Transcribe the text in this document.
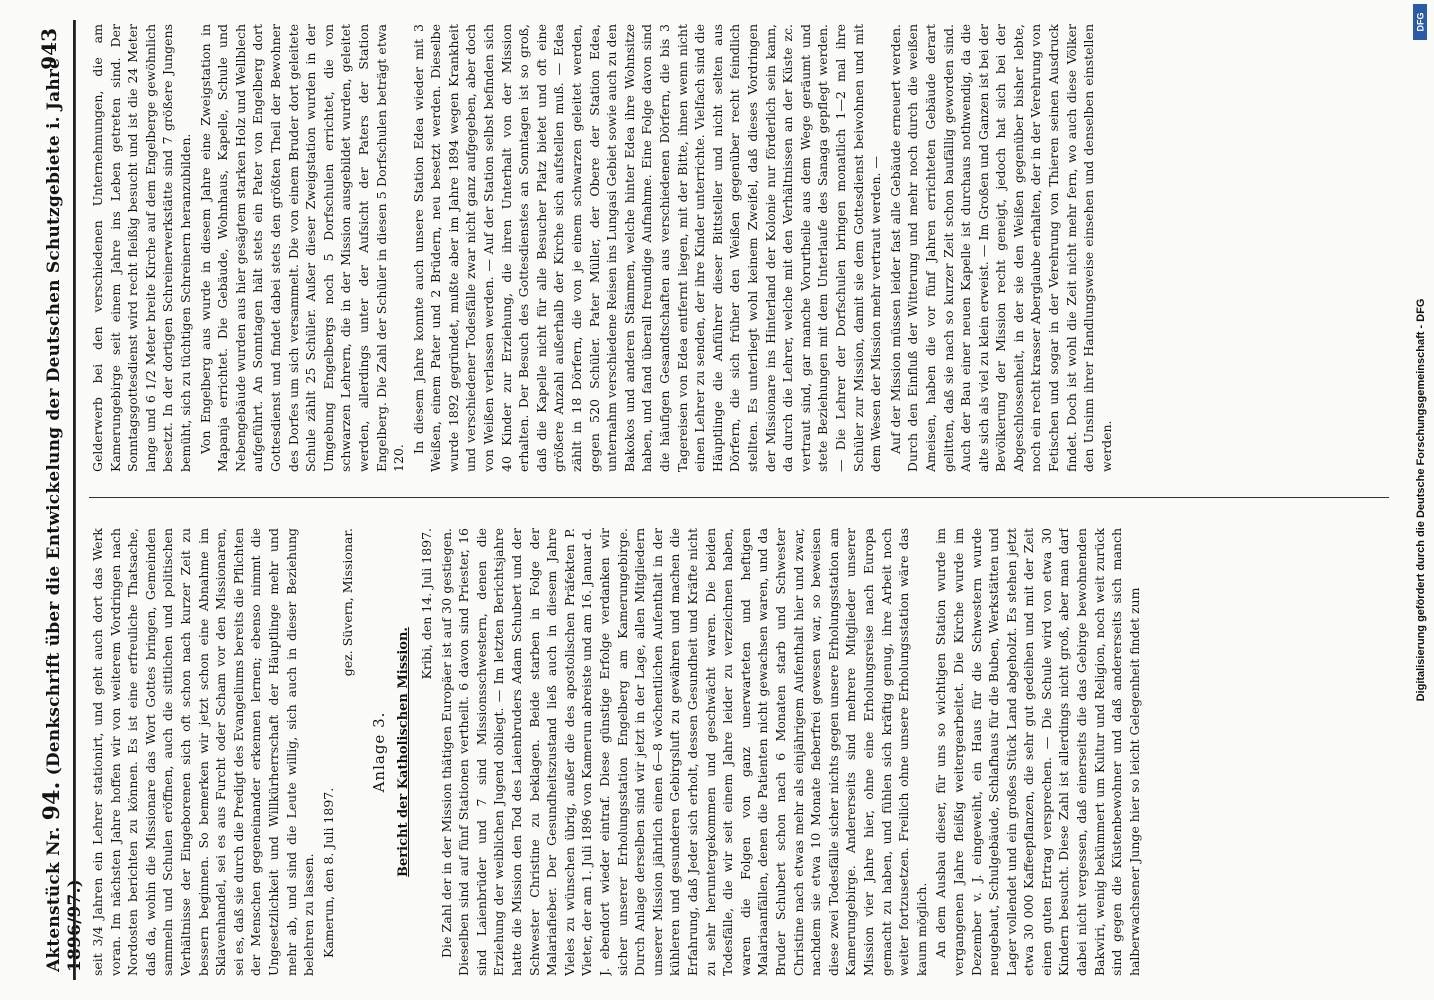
Aktenstück Nr. 94. (Denkschrift über die Entwickelung der Deutschen Schutzgebiete i. Jahre 1896/97.)
943

seit 3/4 Jahren ein Lehrer stationirt, und geht auch dort das Werk voran. Im nächsten Jahre hoffen wir von weiterem Vordringen nach Nordosten berichten zu können. Es ist eine erfreuliche Thatsache, daß da, wohin die Missionare das Wort Gottes bringen, Gemeinden sammeln und Schulen eröffnen, auch die sittlichen und politischen Verhältnisse der Eingeborenen sich oft schon nach kurzer Zeit zu bessern beginnen. So bemerken wir jetzt schon eine Abnahme im Sklavenhandel, sei es aus Furcht oder Scham vor den Missionaren, sei es, daß sie durch die Predigt des Evangeliums bereits die Pflichten der Menschen gegeneinander erkennen lernen; ebenso nimmt die Ungesetzlichkeit und Willkürherrschaft der Häuptlinge mehr und mehr ab, und sind die Leute willig, sich auch in dieser Beziehung belehren zu lassen. Kamerun, den 8. Juli 1897.
gez. Süvern, Missionar.
Anlage 3. Bericht der Katholischen Mission.
Kribi, den 14. Juli 1897. Die Zahl der in der Mission thätigen Europäer ist auf 30 gestiegen. Dieselben sind auf fünf Stationen vertheilt. 6 davon sind Priester, 16 sind Laienbrüder und 7 sind Missionsschwestern, denen die Erziehung der weiblichen Jugend obliegt. — Im letzten Berichtsjahre hatte die Mission den Tod des Laienbruders Adam Schubert und der Schwester Christine zu beklagen. Beide starben in Folge der Malariafieber. Der Gesundheitszustand ließ auch in diesem Jahre Vieles zu wünschen übrig, außer die des apostolischen Präfekten P. Vieter, der am 1. Juli 1896 von Kamerun abreiste und am 16. Januar d. J. ebendort wieder eintraf. Diese günstige Erfolge verdanken wir sicher unserer Erholungsstation Engelberg am Kamerungebirge. Durch Anlage derselben sind wir jetzt in der Lage, allen Mitgliedern unserer Mission jährlich einen 6—8 wöchentlichen Aufenthalt in der kühleren und gesunderen Gebirgsluft zu gewähren und machen die Erfahrung, daß Jeder sich erholt, dessen Gesundheit und Kräfte nicht zu sehr heruntergekommen und geschwächt waren. Die beiden Todesfälle, die wir seit einem Jahre leider zu verzeichnen haben, waren die Folgen von ganz unerwarteten und heftigen Malariaanfällen, denen die Patienten nicht gewachsen waren, und da Bruder Schubert schon nach 6 Monaten starb und Schwester Christine nach etwas mehr als einjährigem Aufenthalt hier und zwar, nachdem sie etwa 10 Monate fieberfrei gewesen war, so beweisen diese zwei Todesfälle sicher nichts gegen unsere Erholungsstation am Kamerungebirge. Andererseits sind mehrere Mitglieder unserer Mission vier Jahre hier, ohne eine Erholungsreise nach Europa gemacht zu haben, und fühlen sich kräftig genug, ihre Arbeit noch weiter fortzusetzen. Freilich ohne unsere Erholungsstation wäre das kaum möglich. An dem Ausbau dieser, für uns so wichtigen Station wurde im vergangenen Jahre fleißig weitergearbeitet. Die Kirche wurde im Dezember v. J. eingeweiht, ein Haus für die Schwestern wurde neugebaut, Schulgebäude, Schlafhaus für die Buben, Werkstätten und Lager vollendet und ein großes Stück Land abgeholzt. Es stehen jetzt etwa 30 000 Kaffeepflanzen, die sehr gut gedeihen und mit der Zeit einen guten Ertrag versprechen. — Die Schule wird von etwa 30 Kindern besucht. Diese Zahl ist allerdings nicht groß, aber man darf dabei nicht vergessen, daß einerseits die das Gebirge bewohnenden Bakwiri, wenig bekümmert um Kultur und Religion, noch weit zurück sind gegen die Küstenbewohner und daß andererseits sich manch halberwachsener Junge hier so leicht Gelegenheit findet zum

Gelderwerb bei den verschiedenen Unternehmungen, die am Kamerungebirge seit einem Jahre ins Leben getreten sind. Der Sonntagsgottesdienst wird recht fleißig besucht und ist die 24 Meter lange und 6 1/2 Meter breite Kirche auf dem Engelberge gewöhnlich besetzt. In der dortigen Schreinerwerkstätte sind 7 größere Jungens bemüht, sich zu tüchtigen Schreinern heranzubilden. Von Engelberg aus wurde in diesem Jahre eine Zweigstation in Mapanja errichtet. Die Gebäude, Wohnhaus, Kapelle, Schule und Nebengebäude wurden aus hier gesägtem starken Holz und Wellblech aufgeführt. An Sonntagen hält stets ein Pater von Engelberg dort Gottesdienst und findet dabei stets den größten Theil der Bewohner des Dorfes um sich versammelt. Die von einem Bruder dort geleitete Schule zählt 25 Schüler. Außer dieser Zweigstation wurden in der Umgebung Engelbergs noch 5 Dorfschulen errichtet, die von schwarzen Lehrern, die in der Mission ausgebildet wurden, geleitet werden, allerdings unter der Aufsicht der Paters der Station Engelberg. Die Zahl der Schüler in diesen 5 Dorfschulen beträgt etwa 120.

In diesem Jahre konnte auch unsere Station Edea wieder mit 3 Weißen, einem Pater und 2 Brüdern, neu besetzt werden. Dieselbe wurde 1892 gegründet, mußte aber im Jahre 1894 wegen Krankheit und verschiedener Todesfälle zwar nicht ganz aufgegeben, aber doch von Weißen verlassen werden. — Auf der Station selbst befinden sich 40 Kinder zur Erziehung, die ihren Unterhalt von der Mission erhalten. Der Besuch des Gottesdienstes an Sonntagen ist so groß, daß die Kapelle nicht für alle Besucher Platz bietet und oft eine größere Anzahl außerhalb der Kirche sich aufstellen muß. — Edea zählt in 18 Dörfern, die von je einem schwarzen geleitet werden, gegen 520 Schüler. Pater Müller, der Obere der Station Edea, unternahm verschiedene Reisen ins Lungasi Gebiet sowie auch zu den Bakokos und anderen Stämmen, welche hinter Edea ihre Wohnsitze haben, und fand überall freundige Aufnahme. Eine Folge davon sind die häufigen Gesandtschaften aus verschiedenen Dörfern, die bis 3 Tagereisen von Edea entfernt liegen, mit der Bitte, ihnen wenn nicht einen Lehrer zu senden, der ihre Kinder unterrichte. Vielfach sind die Häuptlinge die Anführer dieser Bittsteller und nicht selten aus Dörfern, die sich früher den Weißen gegenüber recht feindlich stellten. Es unterliegt wohl keinem Zweifel, daß dieses Vordringen der Missionare ins Hinterland der Kolonie nur förderlich sein kann, da durch die Lehrer, welche mit den Verhältnissen an der Küste zc. vertraut sind, gar manche Vorurtheile aus dem Wege geräumt und stete Beziehungen mit dem Unterlaufe des Sanaga gepflegt werden. — Die Lehrer der Dorfschulen bringen monatlich 1—2 mal ihre Schüler zur Mission, damit sie dem Gottesdienst beiwohnen und mit dem Wesen der Mission mehr vertraut werden. — Auf der Mission müssen leider fast alle Gebäude erneuert werden. Durch den Einfluß der Witterung und mehr noch durch die weißen Ameisen, haben die vor fünf Jahren errichteten Gebäude derart gelitten, daß sie nach so kurzer Zeit schon baufällig geworden sind. Auch der Bau einer neuen Kapelle ist durchaus nothwendig, da die alte sich als viel zu klein erweist. — Im Großen und Ganzen ist bei der Bevölkerung der Mission recht geneigt, jedoch hat sich bei der Abgeschlossenheit, in der sie den Weißen gegenüber bisher lebte, noch ein recht krasser Aberglaube erhalten, der in der Verehrung von Fetischen und sogar in der Verehrung von Thieren seinen Ausdruck findet. Doch ist wohl die Zeit nicht mehr fern, wo auch diese Völker den Unsinn ihrer Handlungsweise einsehen und denselben einstellen werden.

DFG
Digitalisierung gefördert durch die Deutsche Forschungsgemeinschaft - DFG
